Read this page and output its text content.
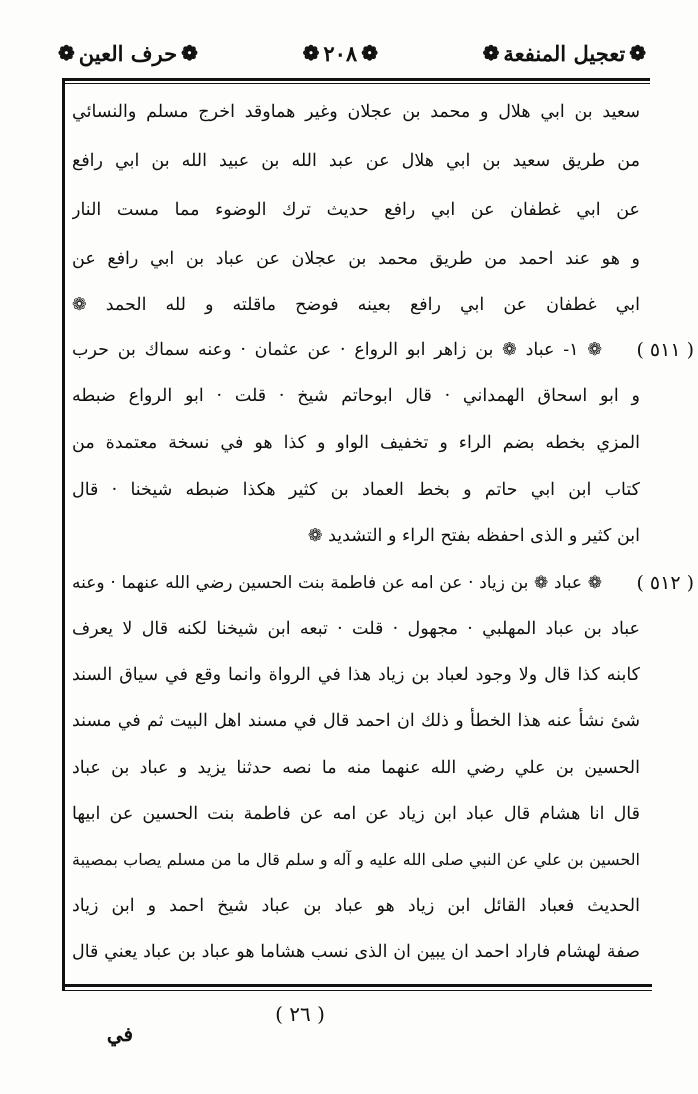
❁
تعجيل المنفعة
❁
❁
٢٠٨
❁
❁
حرف العين
❁
سعيد بن ابي هلال و محمد بن عجلان وغير هماوقد اخرج مسلم والنسائي
من طريق سعيد بن ابي هلال عن عبد الله بن عبيد الله بن ابي رافع
عن ابي غطفان عن ابي رافع حديث ترك الوضوء مما مست النار
و هو عند احمد من طريق محمد بن عجلان عن عباد بن ابي رافع عن
ابي غطفان عن ابي رافع بعينه فوضح ماقلته و لله الحمد ❁
( ٥١١ )
❁ ١- عباد ❁ بن زاهر ابو الرواع · عن عثمان · وعنه سماك بن حرب
و ابو اسحاق الهمداني · قال ابوحاتم شيخ · قلت · ابو الرواع ضبطه
المزي بخطه بضم الراء و تخفيف الواو و كذا هو في نسخة معتمدة من
كتاب ابن ابي حاتم و بخط العماد بن كثير هكذا ضبطه شيخنا · قال
ابن كثير و الذى احفظه بفتح الراء و التشديد ❁
( ٥١٢ )
❁ عباد ❁ بن زياد · عن امه عن فاطمة بنت الحسين رضي الله عنهما · وعنه
عباد بن عباد المهلبي · مجهول · قلت · تبعه ابن شيخنا لكنه قال لا يعرف
كابنه كذا قال ولا وجود لعباد بن زياد هذا في الرواة وانما وقع في سياق السند
شئ نشأ عنه هذا الخطأ و ذلك ان احمد قال في مسند اهل البيت ثم في مسند
الحسين بن علي رضي الله عنهما منه ما نصه حدثنا يزيد و عباد بن عباد
قال انا هشام قال عباد ابن زياد عن امه عن فاطمة بنت الحسين عن ابيها
الحسين بن علي عن النبي صلى الله عليه و آله و سلم قال ما من مسلم يصاب بمصيبة
الحديث فعباد القائل ابن زياد هو عباد بن عباد شيخ احمد و ابن زياد
صفة لهشام فاراد احمد ان يبين ان الذى نسب هشاما هو عباد بن عباد يعني قال
( ٢٦ )
في
